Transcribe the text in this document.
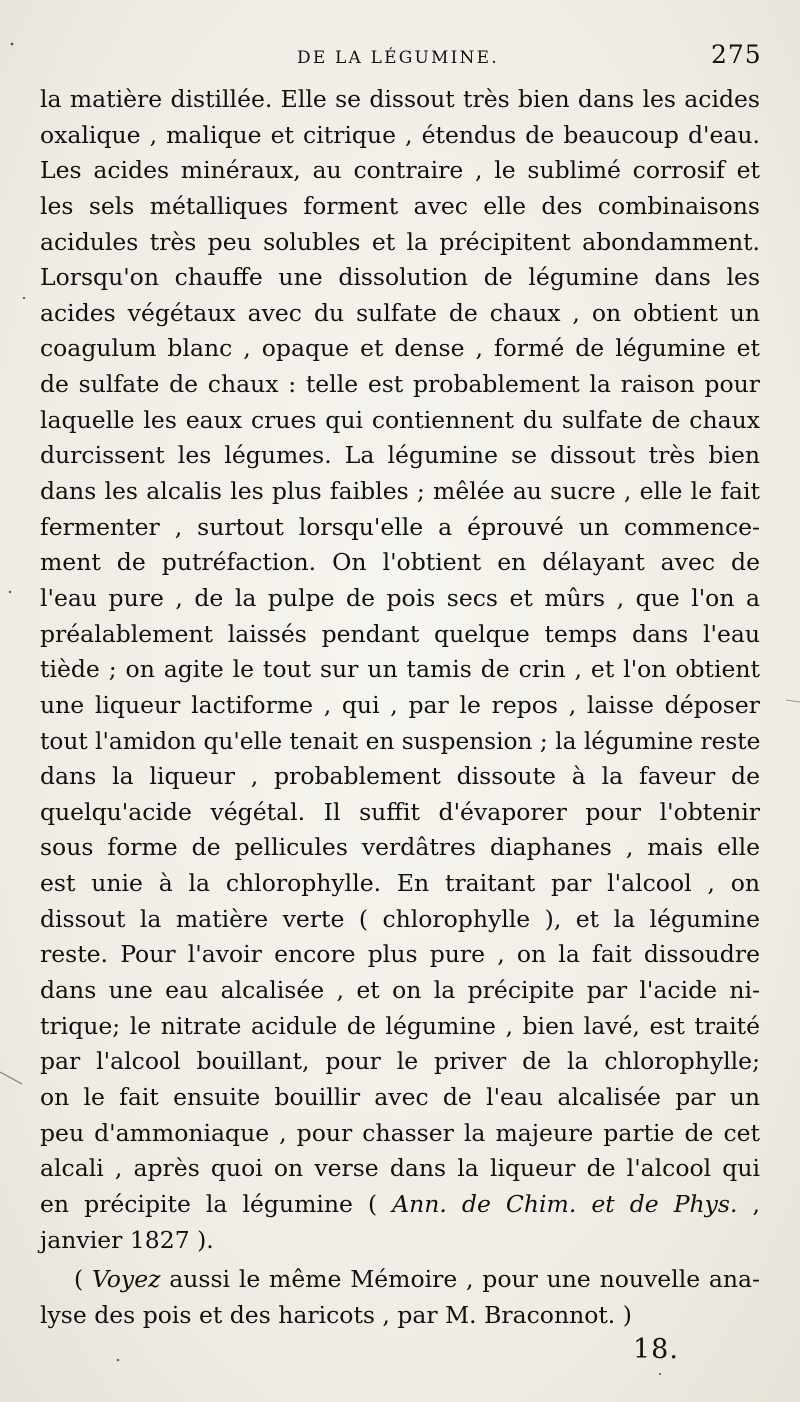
DE LA LÉGUMINE.	275
la matière distillée. Elle se dissout très bien dans les acides
oxalique , malique et citrique , étendus de beaucoup d'eau.
Les acides minéraux, au contraire , le sublimé corrosif et
les sels métalliques forment avec elle des combinaisons
acidules très peu solubles et la précipitent abondamment.
Lorsqu'on chauffe une dissolution de légumine dans les
acides végétaux avec du sulfate de chaux , on obtient un
coagulum blanc , opaque et dense , formé de légumine et
de sulfate de chaux : telle est probablement la raison pour
laquelle les eaux crues qui contiennent du sulfate de chaux
durcissent les légumes. La légumine se dissout très bien
dans les alcalis les plus faibles ; mêlée au sucre , elle le fait
fermenter , surtout lorsqu'elle a éprouvé un commence-
ment de putréfaction. On l'obtient en délayant avec de
l'eau pure , de la pulpe de pois secs et mûrs , que l'on a
préalablement laissés pendant quelque temps dans l'eau
tiède ; on agite le tout sur un tamis de crin , et l'on obtient
une liqueur lactiforme , qui , par le repos , laisse déposer
tout l'amidon qu'elle tenait en suspension ; la légumine reste
dans la liqueur , probablement dissoute à la faveur de
quelqu'acide végétal. Il suffit d'évaporer pour l'obtenir
sous forme de pellicules verdâtres diaphanes , mais elle
est unie à la chlorophylle. En traitant par l'alcool , on
dissout la matière verte ( chlorophylle ), et la légumine
reste. Pour l'avoir encore plus pure , on la fait dissoudre
dans une eau alcalisée , et on la précipite par l'acide ni-
trique; le nitrate acidule de légumine , bien lavé, est traité
par l'alcool bouillant, pour le priver de la chlorophylle;
on le fait ensuite bouillir avec de l'eau alcalisée par un
peu d'ammoniaque , pour chasser la majeure partie de cet
alcali , après quoi on verse dans la liqueur de l'alcool qui
en précipite la légumine ( Ann. de Chim. et de Phys. ,
janvier 1827 ).
( Voyez aussi le même Mémoire , pour une nouvelle ana-
lyse des pois et des haricots , par M. Braconnot. )
18.
